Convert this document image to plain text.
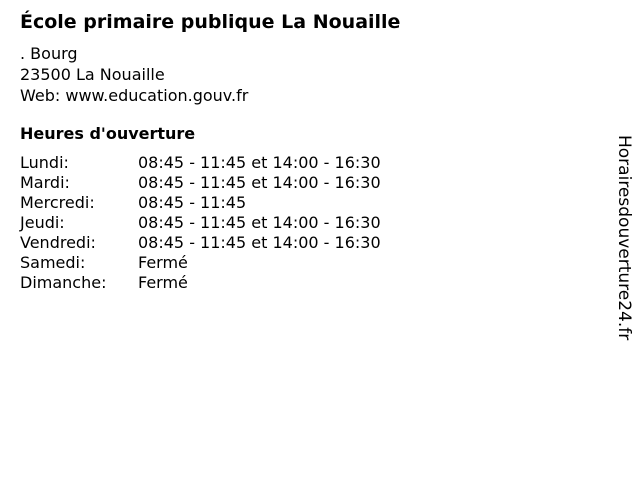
École primaire publique La Nouaille
. Bourg
23500 La Nouaille
Web: www.education.gouv.fr
Heures d'ouverture
Lundi:	08:45 - 11:45 et 14:00 - 16:30
Mardi:	08:45 - 11:45 et 14:00 - 16:30
Mercredi:	08:45 - 11:45
Jeudi:	08:45 - 11:45 et 14:00 - 16:30
Vendredi:	08:45 - 11:45 et 14:00 - 16:30
Samedi:	Fermé
Dimanche:	Fermé	Horairesdouverture24.fr
